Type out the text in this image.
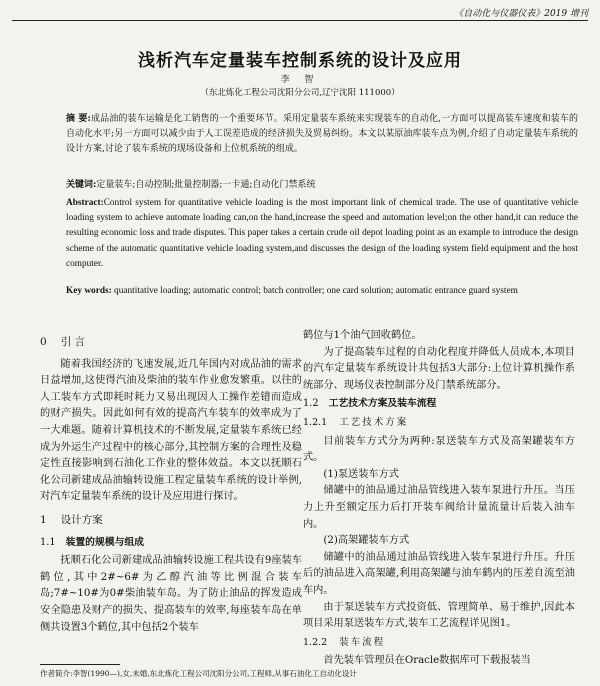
《自动化与仪器仪表》2019 增刊
浅析汽车定量装车控制系统的设计及应用
李 智
（东北炼化工程公司沈阳分公司,辽宁沈阳 111000）
摘 要:成品油的装车运输是化工销售的一个重要环节。采用定量装车系统来实现装车的自动化,一方面可以提高装车速度和装车的自动化水平;另一方面可以减少由于人工误差造成的经济损失及贸易纠纷。本文以某原油库装车点为例,介绍了自动定量装车系统的设计方案,讨论了装车系统的现场设备和上位机系统的组成。
关键词:定量装车;自动控制;批量控制器;一卡通;自动化门禁系统
Abstract:Control system for quantitative vehicle loading is the most important link of chemical trade. The use of quantitative vehicle loading system to achieve automate loading can,on the hand,increase the speed and automation level;on the other hand,it can reduce the resulting economic loss and trade disputes. This paper takes a certain crude oil depot loading point as an example to introduce the design scheme of the automatic quantitative vehicle loading system,and discusses the design of the loading system field equipment and the host computer.
Key words: quantitative loading; automatic control; batch controller; one card solution; automatic entrance guard system
0 引 言

随着我国经济的飞速发展,近几年国内对成品油的需求日益增加,这使得汽油及柴油的装车作业愈发繁重。以往的人工装车方式即耗时耗力又易出现因人工操作差错而造成的财产损失。因此如何有效的提高汽车装车的效率成为了一大难题。随着计算机技术的不断发展,定量装车系统已经成为外运生产过程中的核心部分,其控制方案的合理性及稳定性直接影响到石油化工作业的整体效益。本文以抚顺石化公司新建成品油输转设施工程定量装车系统的设计举例,对汽车定量装车系统的设计及应用进行探讨。

1 设计方案
1.1 装置的规模与组成

抚顺石化公司新建成品油输转设施工程共设有9座装车鹤位,其中2#~6#为乙醇汽油等比例混合装车岛;7#~10#为0#柴油装车岛。为了防止油品的挥发造成安全隐患及财产的损失、提高装车的效率,每座装车岛在单侧共设置3个鹤位,其中包括2个装车

鹤位与1个油气回收鹤位。

为了提高装车过程的自动化程度并降低人员成本,本项目的汽车定量装车系统设计共包括3大部分:上位计算机操作系统部分、现场仪表控制部分及门禁系统部分。

1.2 工艺技术方案及装车流程
1.2.1 工艺技术方案

目前装车方式分为两种:泵送装车方式及高架罐装车方式。

(1)泵送装车方式

储罐中的油品通过油品管线进入装车泵进行升压。当压力上升至额定压力后打开装车阀给计量流量计后装入油车内。

(2)高架罐装车方式

储罐中的油品通过油品管线进入装车泵进行升压。升压后的油品进入高架罐,利用高架罐与油车鹤内的压差自流至油车内。

由于泵送装车方式投资低、管理简单、易于维护,因此本项目采用泵送装车方式,装车工艺流程详见图1。

1.2.2 装车流程

首先装车管理员在Oracle数据库可下载报装当

作者简介:李智(1990—),女,未婚,东北炼化工程公司沈阳分公司,工程师,从事石油化工自动化设计
